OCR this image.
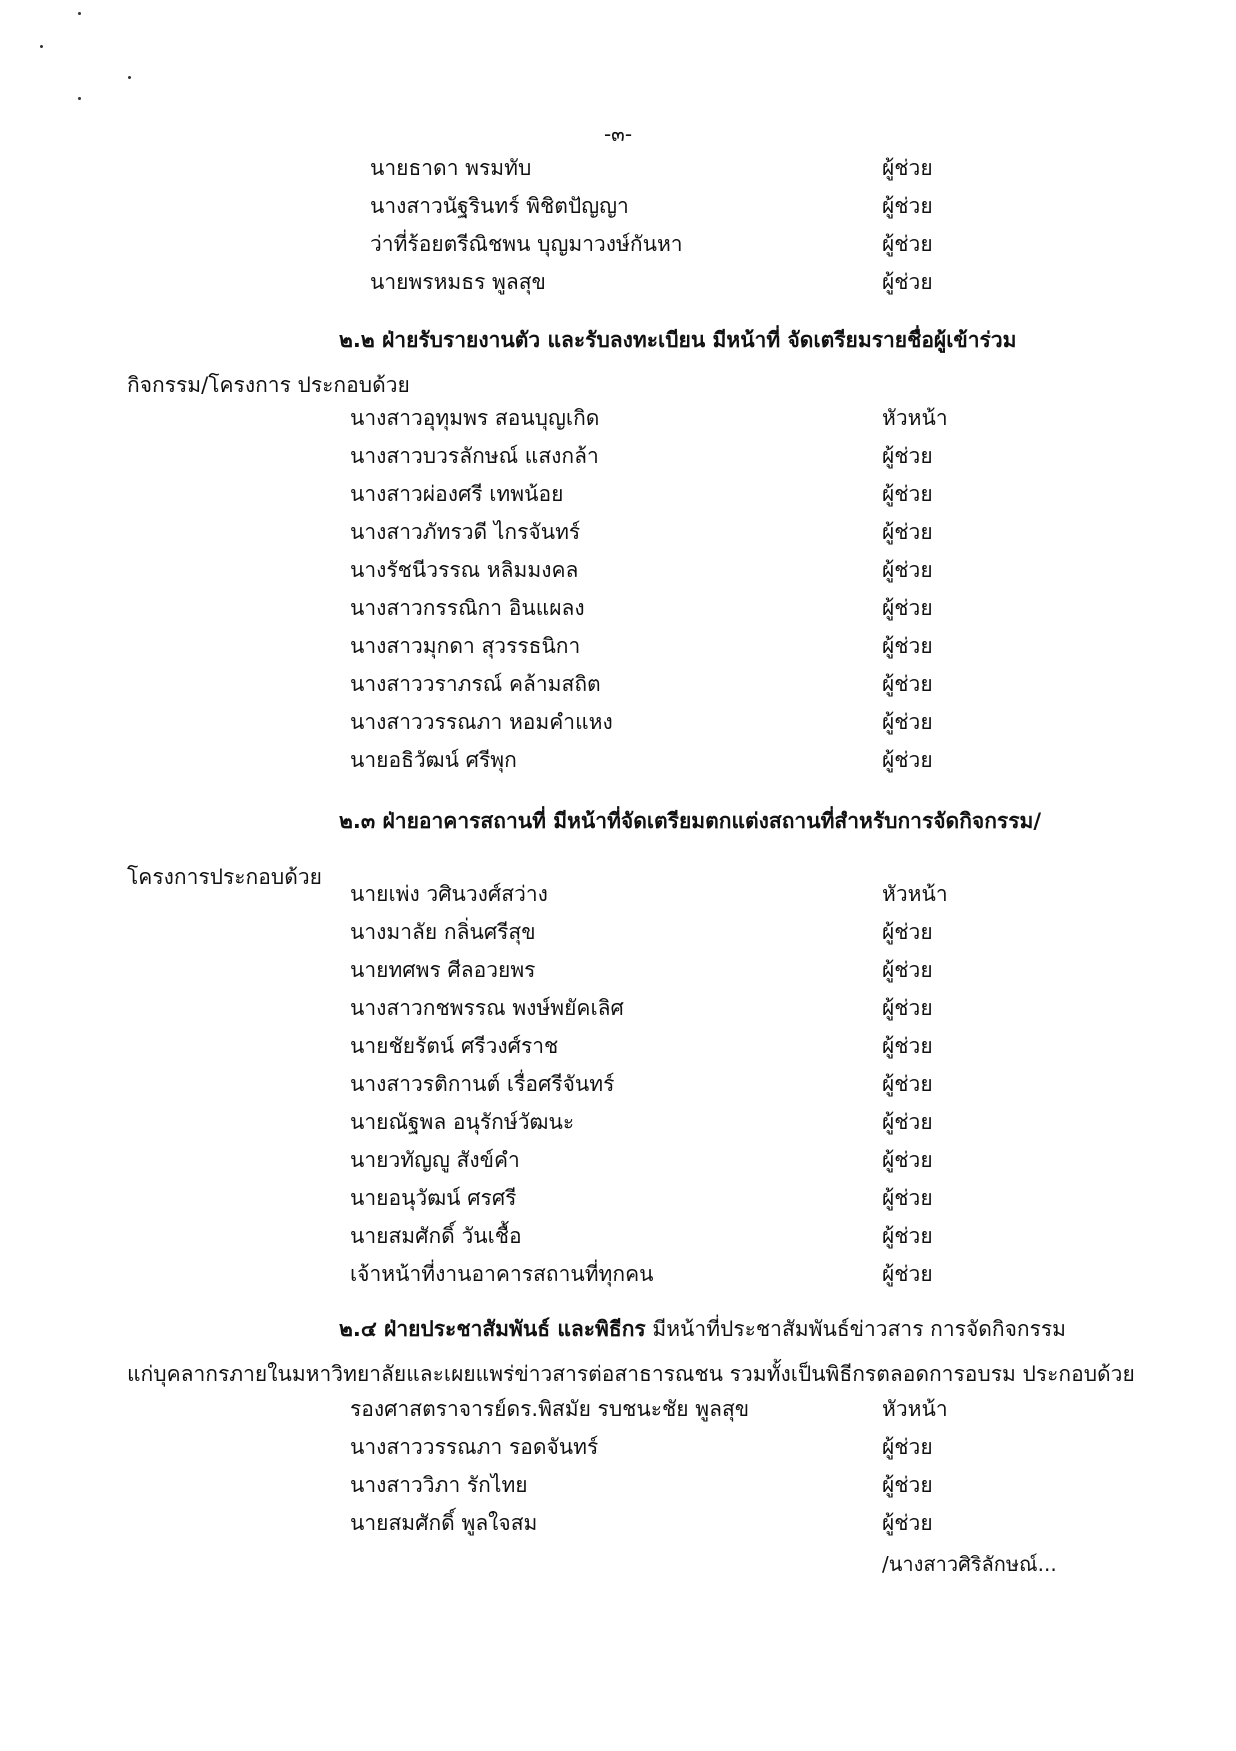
-๓-
นายธาดา พรมทับ	ผู้ช่วย
นางสาวนัฐรินทร์ พิชิตปัญญา	ผู้ช่วย
ว่าที่ร้อยตรีณิชพน บุญมาวงษ์กันหา	ผู้ช่วย
นายพรหมธร พูลสุข	ผู้ช่วย
๒.๒ ฝ่ายรับรายงานตัว และรับลงทะเบียน มีหน้าที่ จัดเตรียมรายชื่อผู้เข้าร่วม
กิจกรรม/โครงการ ประกอบด้วย
นางสาวอุทุมพร สอนบุญเกิด	หัวหน้า
นางสาวบวรลักษณ์ แสงกล้า	ผู้ช่วย
นางสาวผ่องศรี เทพน้อย	ผู้ช่วย
นางสาวภัทรวดี ไกรจันทร์	ผู้ช่วย
นางรัชนีวรรณ หลิมมงคล	ผู้ช่วย
นางสาวกรรณิกา อินแผลง	ผู้ช่วย
นางสาวมุกดา สุวรรธนิกา	ผู้ช่วย
นางสาววราภรณ์ คล้ามสถิต	ผู้ช่วย
นางสาววรรณภา หอมคำแหง	ผู้ช่วย
นายอธิวัฒน์ ศรีพุก	ผู้ช่วย
๒.๓ ฝ่ายอาคารสถานที่ มีหน้าที่จัดเตรียมตกแต่งสถานที่สำหรับการจัดกิจกรรม/
โครงการประกอบด้วย
นายเพ่ง วศินวงศ์สว่าง	หัวหน้า
นางมาลัย กลิ่นศรีสุข	ผู้ช่วย
นายทศพร ศีลอวยพร	ผู้ช่วย
นางสาวกชพรรณ พงษ์พยัคเลิศ	ผู้ช่วย
นายชัยรัตน์ ศรีวงศ์ราช	ผู้ช่วย
นางสาวรติกานต์ เรื่อศรีจันทร์	ผู้ช่วย
นายณัฐพล อนุรักษ์วัฒนะ	ผู้ช่วย
นายวทัญญู สังข์คำ	ผู้ช่วย
นายอนุวัฒน์ ศรศรี	ผู้ช่วย
นายสมศักดิ์ วันเชื้อ	ผู้ช่วย
เจ้าหน้าที่งานอาคารสถานที่ทุกคน	ผู้ช่วย
๒.๔ ฝ่ายประชาสัมพันธ์ และพิธีกร มีหน้าที่ประชาสัมพันธ์ข่าวสาร การจัดกิจกรรม
แก่บุคลากรภายในมหาวิทยาลัยและเผยแพร่ข่าวสารต่อสาธารณชน รวมทั้งเป็นพิธีกรตลอดการอบรม ประกอบด้วย
รองศาสตราจารย์ดร.พิสมัย รบชนะชัย พูลสุข	หัวหน้า
นางสาววรรณภา รอดจันทร์	ผู้ช่วย
นางสาววิภา รักไทย	ผู้ช่วย
นายสมศักดิ์ พูลใจสม	ผู้ช่วย
/นางสาวศิริลักษณ์...
